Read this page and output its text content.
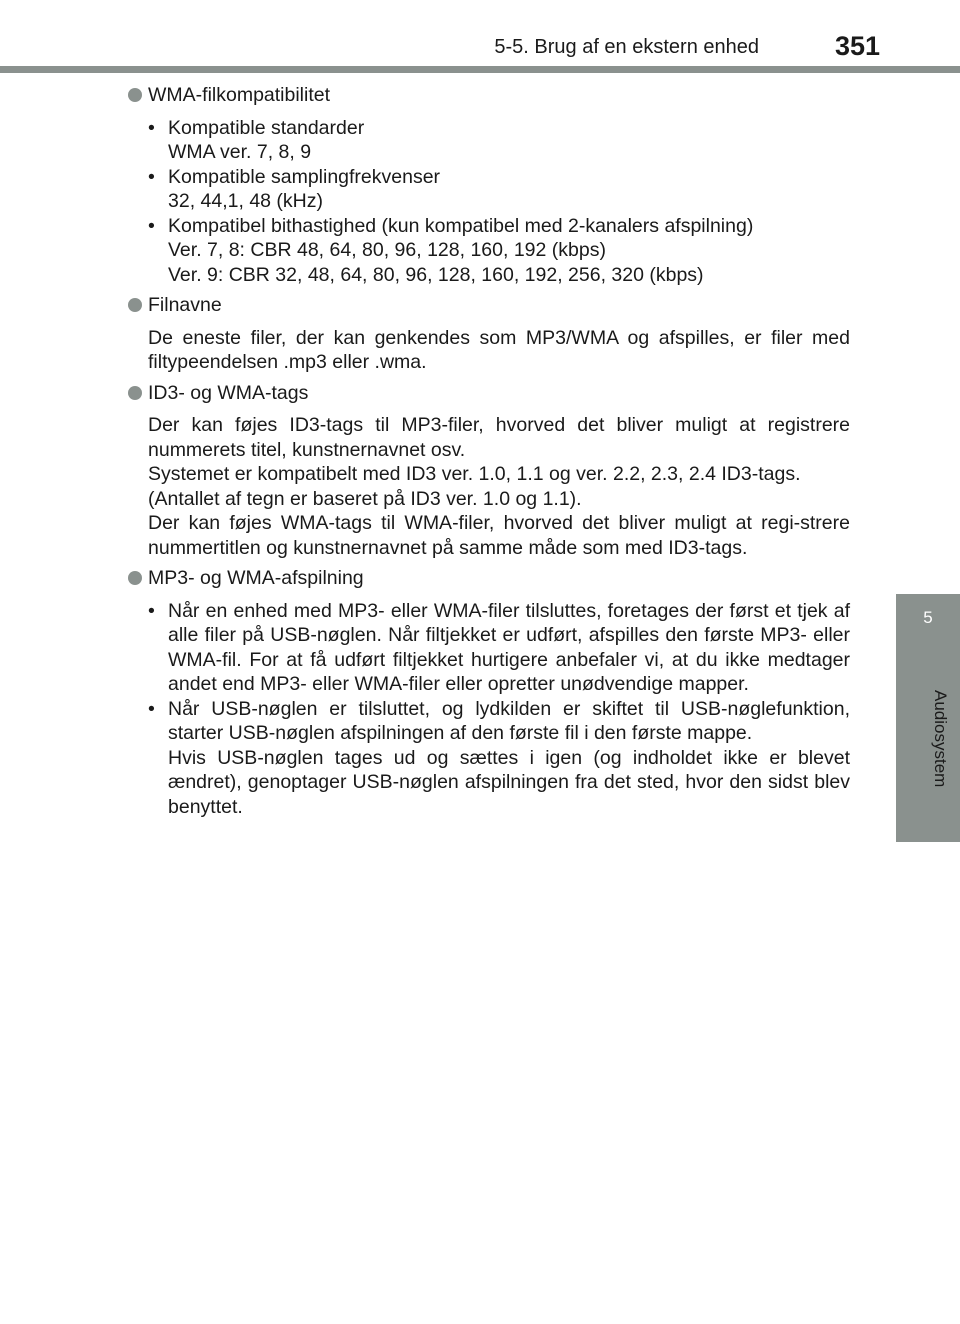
5-5. Brug af en ekstern enhed	351
5
Audiosystem
WMA-filkompatibilitet
• Kompatible standarder
WMA ver. 7, 8, 9
• Kompatible samplingfrekvenser
32, 44,1, 48 (kHz)
• Kompatibel bithastighed (kun kompatibel med 2-kanalers afspilning)
Ver. 7, 8: CBR 48, 64, 80, 96, 128, 160, 192 (kbps)
Ver. 9: CBR 32, 48, 64, 80, 96, 128, 160, 192, 256, 320 (kbps)
Filnavne
De eneste filer, der kan genkendes som MP3/WMA og afspilles, er filer med filtypeendelsen .mp3 eller .wma.
ID3- og WMA-tags
Der kan føjes ID3-tags til MP3-filer, hvorved det bliver muligt at registrere nummerets titel, kunstnernavnet osv.
Systemet er kompatibelt med ID3 ver. 1.0, 1.1 og ver. 2.2, 2.3, 2.4 ID3-tags.
(Antallet af tegn er baseret på ID3 ver. 1.0 og 1.1).
Der kan føjes WMA-tags til WMA-filer, hvorved det bliver muligt at regi-strere nummertitlen og kunstnernavnet på samme måde som med ID3-tags.
MP3- og WMA-afspilning
• Når en enhed med MP3- eller WMA-filer tilsluttes, foretages der først et tjek af alle filer på USB-nøglen. Når filtjekket er udført, afspilles den første MP3- eller WMA-fil. For at få udført filtjekket hurtigere anbefaler vi, at du ikke medtager andet end MP3- eller WMA-filer eller opretter unødvendige mapper.
• Når USB-nøglen er tilsluttet, og lydkilden er skiftet til USB-nøglefunktion, starter USB-nøglen afspilningen af den første fil i den første mappe.
Hvis USB-nøglen tages ud og sættes i igen (og indholdet ikke er blevet ændret), genoptager USB-nøglen afspilningen fra det sted, hvor den sidst blev benyttet.
